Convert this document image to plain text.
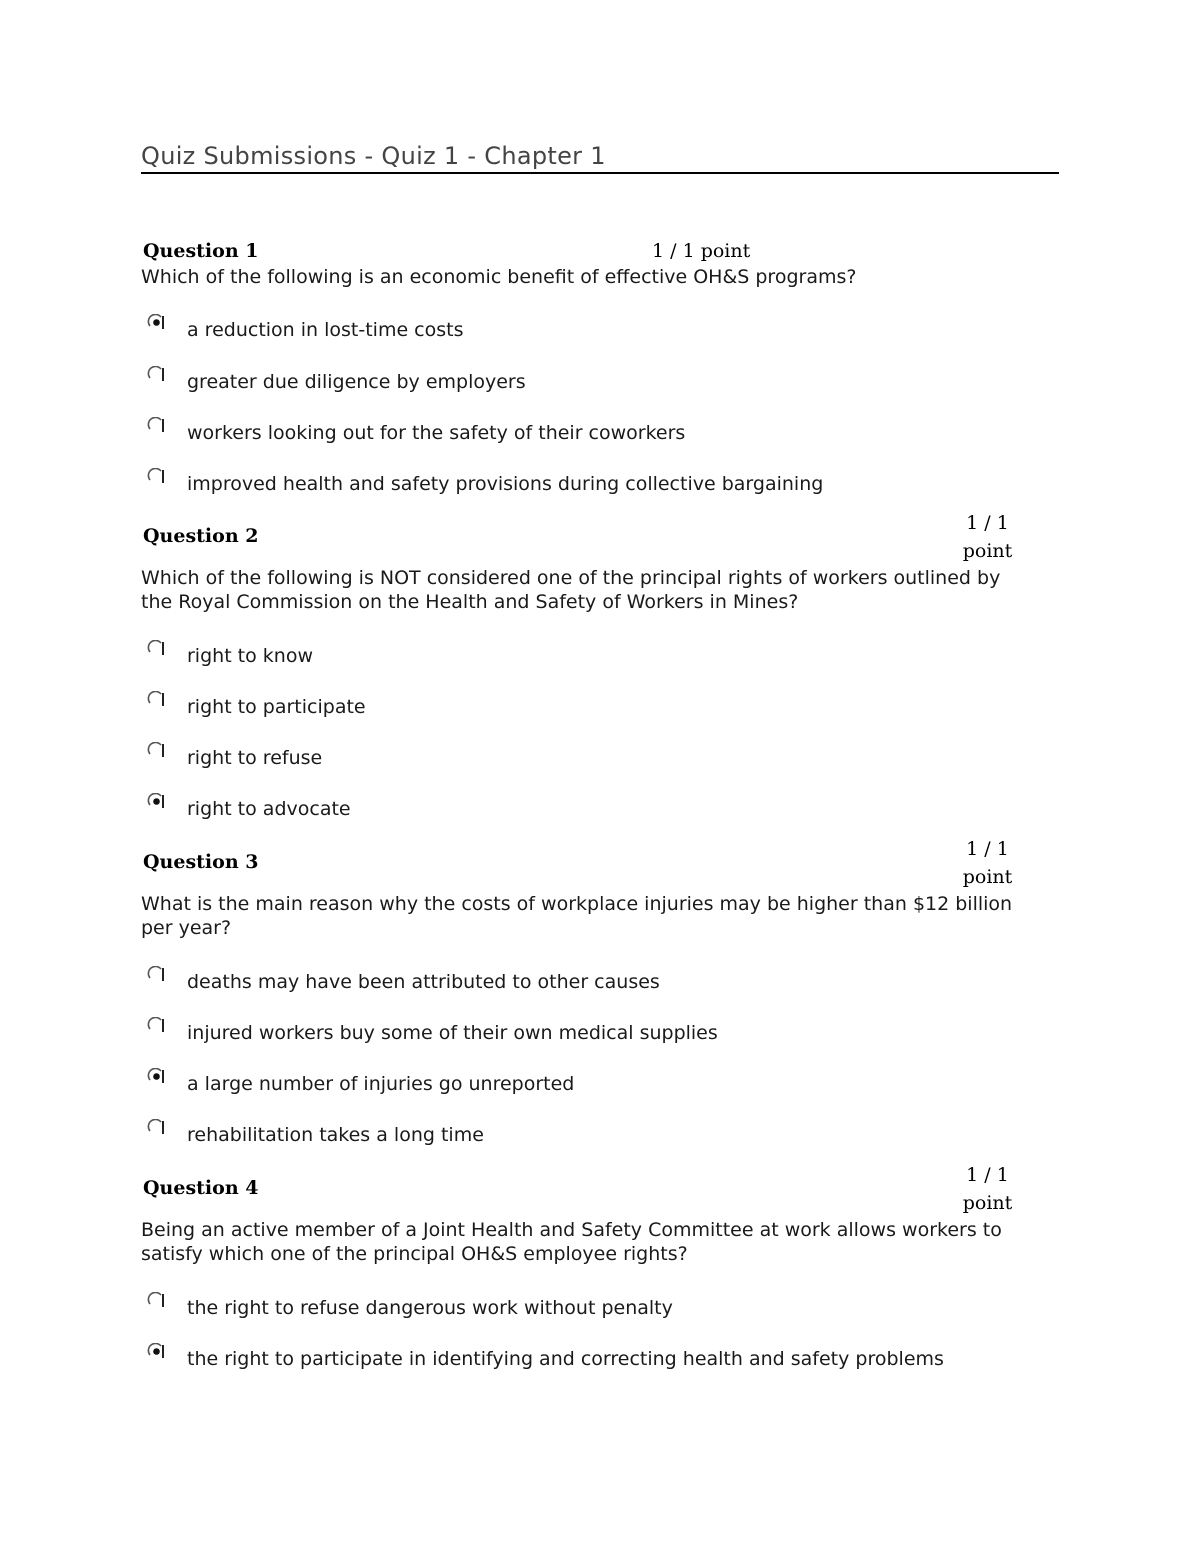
Quiz Submissions - Quiz 1 - Chapter 1
Question 1	1 / 1 point
Which of the following is an economic benefit of effective OH&S programs?
a reduction in lost-time costs
greater due diligence by employers
workers looking out for the safety of their coworkers
improved health and safety provisions during collective bargaining
Question 2
1 / 1
point
Which of the following is NOT considered one of the principal rights of workers outlined by
the Royal Commission on the Health and Safety of Workers in Mines?
right to know
right to participate
right to refuse
right to advocate
Question 3
1 / 1
point
What is the main reason why the costs of workplace injuries may be higher than $12 billion
per year?
deaths may have been attributed to other causes
injured workers buy some of their own medical supplies
a large number of injuries go unreported
rehabilitation takes a long time
Question 4
1 / 1
point
Being an active member of a Joint Health and Safety Committee at work allows workers to
satisfy which one of the principal OH&S employee rights?
the right to refuse dangerous work without penalty
the right to participate in identifying and correcting health and safety problems
